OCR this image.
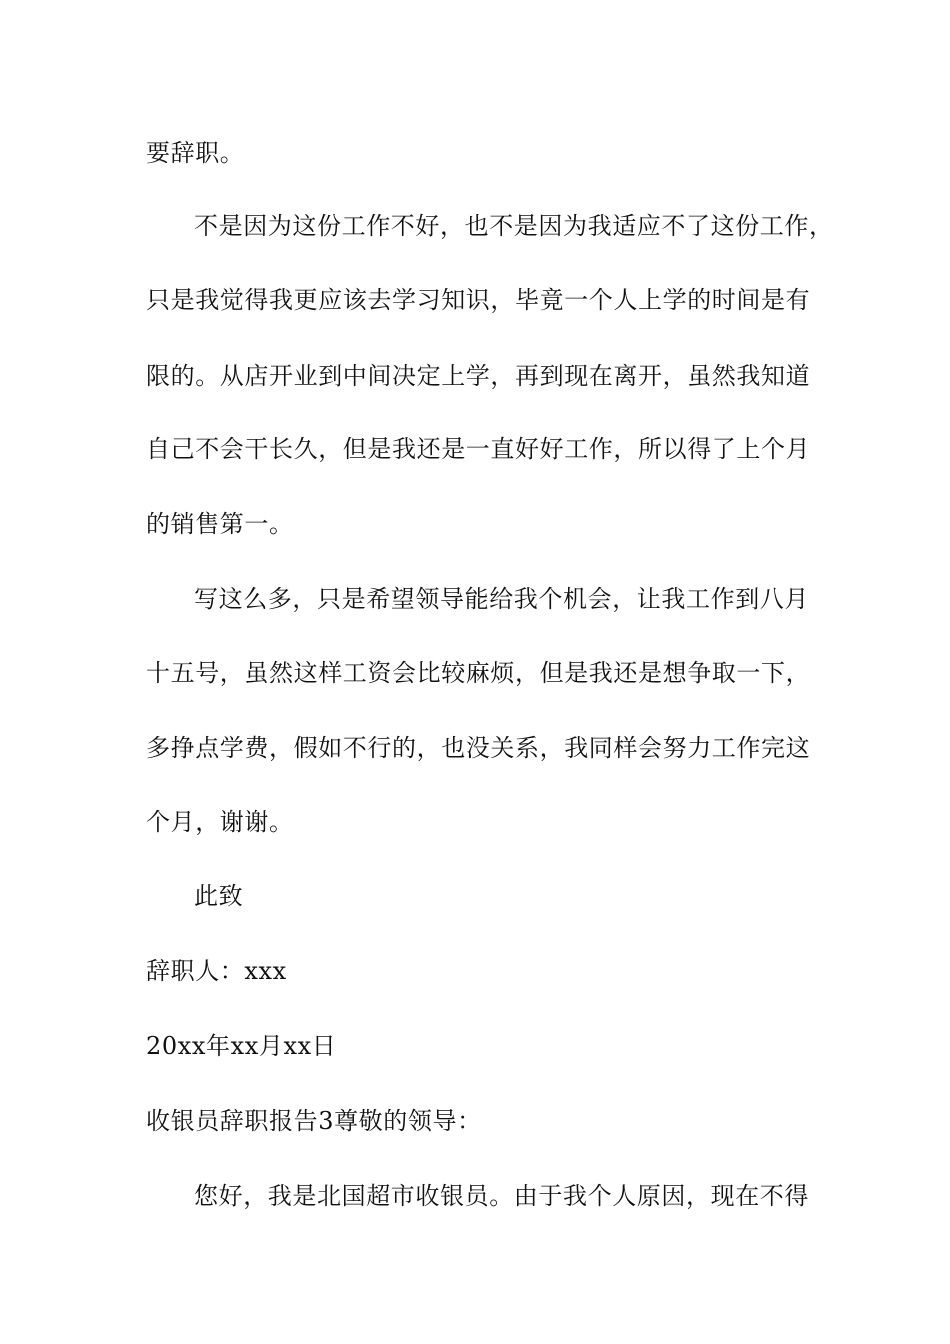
要辞职。
不是因为这份工作不好，也不是因为我适应不了这份工作，
只是我觉得我更应该去学习知识，毕竟一个人上学的时间是有
限的。从店开业到中间决定上学，再到现在离开，虽然我知道
自己不会干长久，但是我还是一直好好工作，所以得了上个月
的销售第一。
写这么多，只是希望领导能给我个机会，让我工作到八月
十五号，虽然这样工资会比较麻烦，但是我还是想争取一下，
多挣点学费，假如不行的，也没关系，我同样会努力工作完这
个月，谢谢。
此致
辞职人：xxx
20xx年xx月xx日
收银员辞职报告3尊敬的领导：
您好，我是北国超市收银员。由于我个人原因，现在不得
